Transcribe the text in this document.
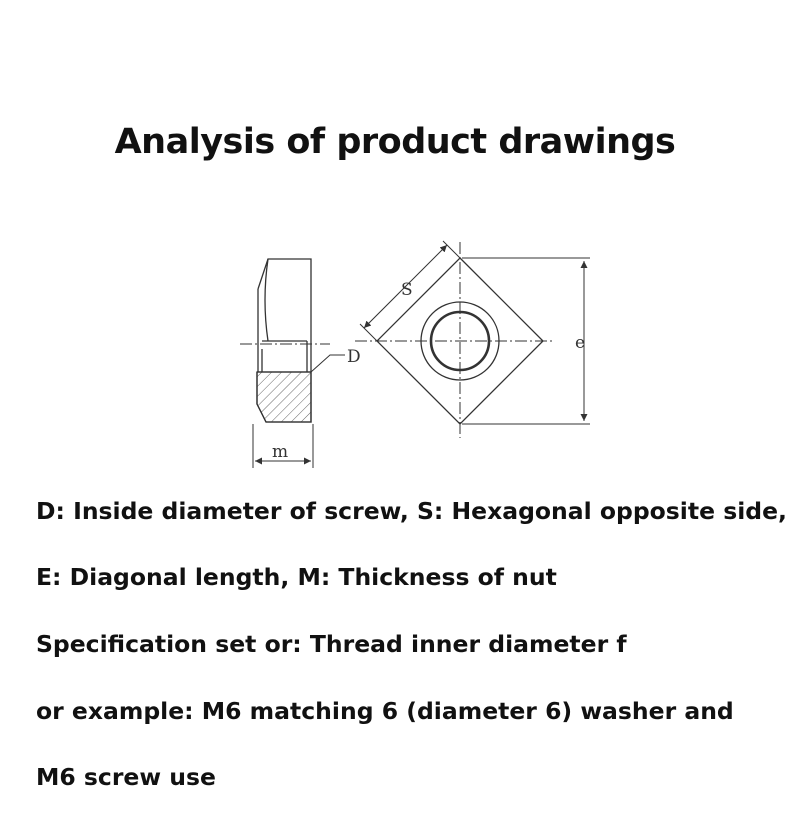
Analysis of product drawings
D
m
S
e
D: Inside diameter of screw, S: Hexagonal opposite side,
E: Diagonal length, M: Thickness of nut
Specification set or: Thread inner diameter f
or example: M6 matching 6 (diameter 6) washer and
M6 screw use
